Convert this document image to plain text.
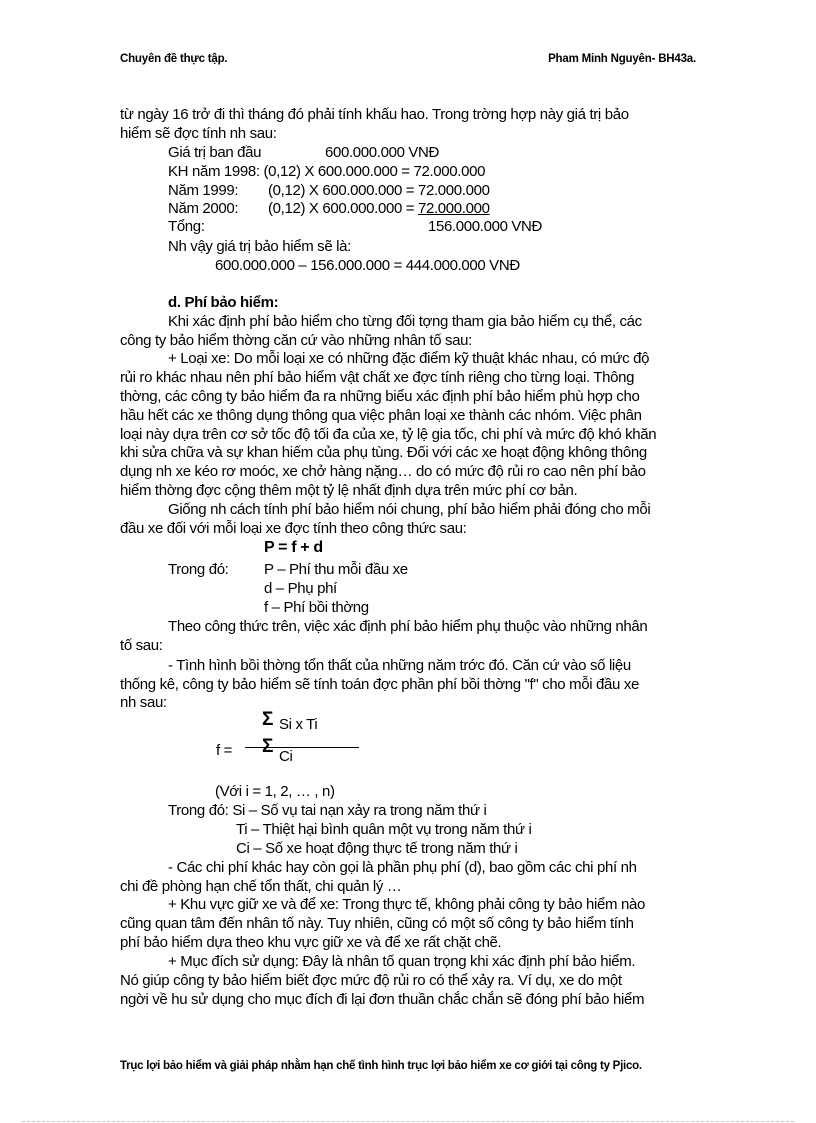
Chuyên đề thực tập.	Pham Minh Nguyên- BH43a.
từ ngày 16 trở đi thì tháng đó phải tính khấu hao. Trong trờng hợp này giá trị bảo
hiểm sẽ đợc tính nh sau:
Giá trị ban đầu	600.000.000 VNĐ
KH năm 1998: (0,12) X 600.000.000 = 72.000.000
Năm 1999: (0,12) X 600.000.000 = 72.000.000
Năm 2000: (0,12) X 600.000.000 = 72.000.000
Tổng:	156.000.000 VNĐ
Nh vậy giá trị bảo hiểm sẽ là:
600.000.000 – 156.000.000 = 444.000.000 VNĐ
d. Phí bảo hiểm:
Khi xác định phí bảo hiểm cho từng đối tợng tham gia bảo hiểm cụ thể, các
công ty bảo hiểm thờng căn cứ vào những nhân tố sau:
+ Loại xe: Do mỗi loại xe có những đặc điểm kỹ thuật khác nhau, có mức độ
rủi ro khác nhau nên phí bảo hiểm vật chất xe đợc tính riêng cho từng loại. Thông
thờng, các công ty bảo hiểm đa ra những biểu xác định phí bảo hiểm phù hợp cho
hầu hết các xe thông dụng thông qua việc phân loại xe thành các nhóm. Việc phân
loại này dựa trên cơ sở tốc độ tối đa của xe, tỷ lệ gia tốc, chi phí và mức độ khó khăn
khi sửa chữa và sự khan hiếm của phụ tùng. Đối với các xe hoạt động không thông
dụng nh xe kéo rơ moóc, xe chở hàng nặng… do có mức độ rủi ro cao nên phí bảo
hiểm thờng đợc cộng thêm một tỷ lệ nhất định dựa trên mức phí cơ bản.
Giống nh cách tính phí bảo hiểm nói chung, phí bảo hiểm phải đóng cho mỗi
đầu xe đối với mỗi loại xe đợc tính theo công thức sau:
P = f + d
Trong đó: P – Phí thu mỗi đầu xe
d – Phụ phí
f – Phí bồi thờng
Theo công thức trên, việc xác định phí bảo hiểm phụ thuộc vào những nhân
tố sau:
- Tình hình bồi thờng tổn thất của những năm trớc đó. Căn cứ vào số liệu
thống kê, công ty bảo hiểm sẽ tính toán đợc phần phí bồi thờng "f" cho mỗi đầu xe
nh sau:
Σ Si x Ti
f = Σ Ci
(Với i = 1, 2, … , n)
Trong đó: Si – Số vụ tai nạn xảy ra trong năm thứ i
Ti – Thiệt hại bình quân một vụ trong năm thứ i
Ci – Số xe hoạt động thực tế trong năm thứ i
- Các chi phí khác hay còn gọi là phần phụ phí (d), bao gồm các chi phí nh
chi đề phòng hạn chế tổn thất, chi quản lý …
+ Khu vực giữ xe và để xe: Trong thực tế, không phải công ty bảo hiểm nào
cũng quan tâm đến nhân tố này. Tuy nhiên, cũng có một số công ty bảo hiểm tính
phí bảo hiểm dựa theo khu vực giữ xe và để xe rất chặt chẽ.
+ Mục đích sử dụng: Đây là nhân tố quan trọng khi xác định phí bảo hiểm.
Nó giúp công ty bảo hiểm biết đợc mức độ rủi ro có thể xảy ra. Ví dụ, xe do một
ngời về hu sử dụng cho mục đích đi lại đơn thuần chắc chắn sẽ đóng phí bảo hiểm
Trục lợi bảo hiểm và giải pháp nhằm hạn chế tình hình trục lợi bảo hiểm xe cơ giới tại công ty Pjico.
